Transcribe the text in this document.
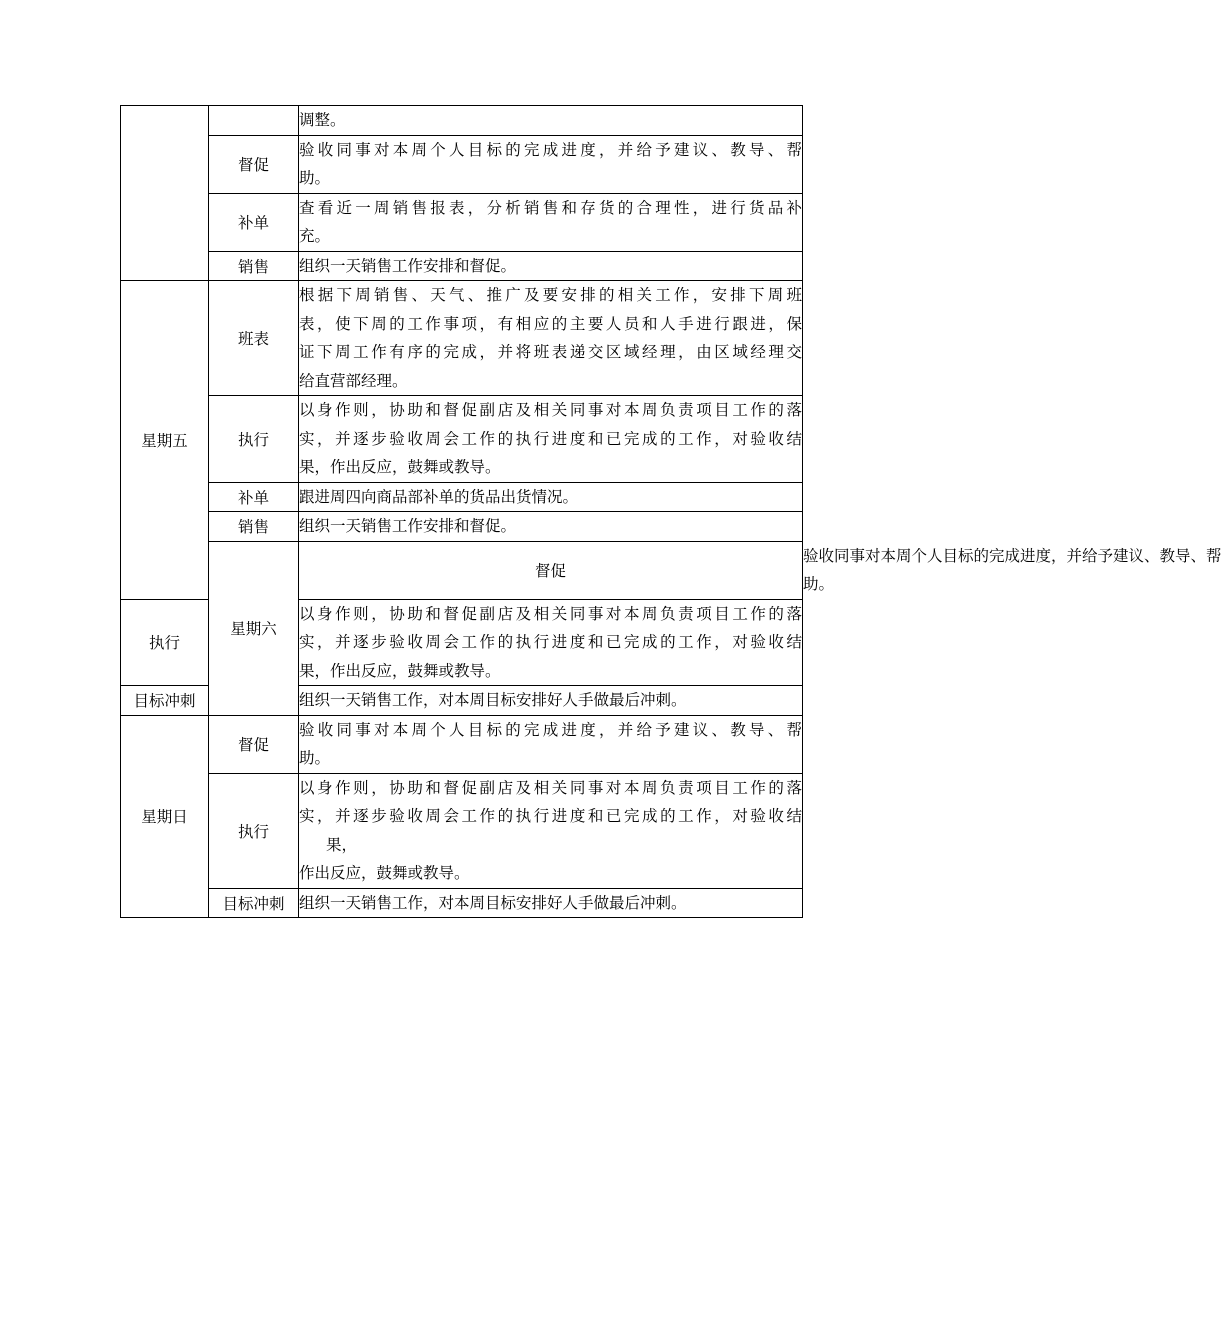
		调整。	

	督促	验收同事对本周个人目标的完成进度，并给予建议、教导、帮
助。	

	补单	查看近一周销售报表，分析销售和存货的合理性，进行货品补
充。	

	销售	组织一天销售工作安排和督促。	

星期五	班表	根据下周销售、天气、推广及要安排的相关工作，安排下周班
表，使下周的工作事项，有相应的主要人员和人手进行跟进，保
证下周工作有序的完成，并将班表递交区域经理，由区域经理交
给直营部经理。	

	执行	以身作则，协助和督促副店及相关同事对本周负责项目工作的落
实，并逐步验收周会工作的执行进度和已完成的工作，对验收结
果，作出反应，鼓舞或教导。	

	补单	跟进周四向商品部补单的货品出货情况。	

	销售	组织一天销售工作安排和督促。	

	星期六	督促	验收同事对本周个人目标的完成进度，并给予建议、教导、帮
助。

执行		以身作则，协助和督促副店及相关同事对本周负责项目工作的落
实，并逐步验收周会工作的执行进度和已完成的工作，对验收结
果，作出反应，鼓舞或教导。	

目标冲刺		组织一天销售工作，对本周目标安排好人手做最后冲刺。	

星期日	督促	验收同事对本周个人目标的完成进度，并给予建议、教导、帮
助。	

	执行	以身作则，协助和督促副店及相关同事对本周负责项目工作的落
实，并逐步验收周会工作的执行进度和已完成的工作，对验收结
果，
作出反应，鼓舞或教导。	

	目标冲刺	组织一天销售工作，对本周目标安排好人手做最后冲刺。	
